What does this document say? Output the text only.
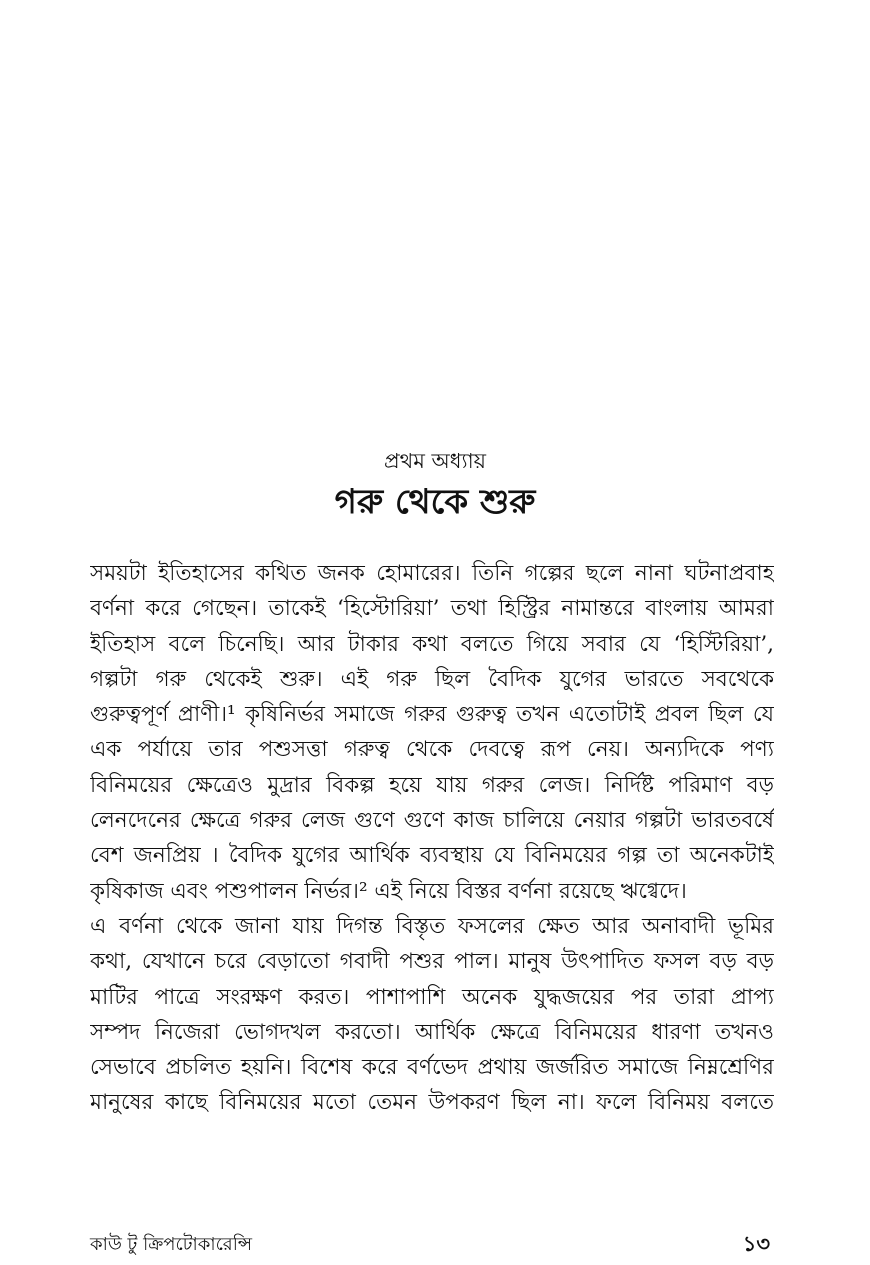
প্রথম অধ্যায়
গরু থেকে শুরু
সময়টা ইতিহাসের কথিত জনক হোমারের। তিনি গল্পের ছলে নানা ঘটনাপ্রবাহ
বর্ণনা করে গেছেন। তাকেই ‘হিস্টোরিয়া’ তথা হিস্ট্রির নামান্তরে বাংলায় আমরা
ইতিহাস বলে চিনেছি। আর টাকার কথা বলতে গিয়ে সবার যে ‘হিস্টিরিয়া’,
গল্পটা গরু থেকেই শুরু। এই গরু ছিল বৈদিক যুগের ভারতে সবথেকে
গুরুত্বপূর্ণ প্রাণী।¹ কৃষিনির্ভর সমাজে গরুর গুরুত্ব তখন এতোটাই প্রবল ছিল যে
এক পর্যায়ে তার পশুসত্তা গরুত্ব থেকে দেবত্বে রূপ নেয়। অন্যদিকে পণ্য
বিনিময়ের ক্ষেত্রেও মুদ্রার বিকল্প হয়ে যায় গরুর লেজ। নির্দিষ্ট পরিমাণ বড়
লেনদেনের ক্ষেত্রে গরুর লেজ গুণে গুণে কাজ চালিয়ে নেয়ার গল্পটা ভারতবর্ষে
বেশ জনপ্রিয় । বৈদিক যুগের আর্থিক ব্যবস্থায় যে বিনিময়ের গল্প তা অনেকটাই
কৃষিকাজ এবং পশুপালন নির্ভর।² এই নিয়ে বিস্তর বর্ণনা রয়েছে ঋগ্বেদে।
এ বর্ণনা থেকে জানা যায় দিগন্ত বিস্তৃত ফসলের ক্ষেত আর অনাবাদী ভূমির
কথা, যেখানে চরে বেড়াতো গবাদী পশুর পাল। মানুষ উৎপাদিত ফসল বড় বড়
মাটির পাত্রে সংরক্ষণ করত। পাশাপাশি অনেক যুদ্ধজয়ের পর তারা প্রাপ্য
সম্পদ নিজেরা ভোগদখল করতো। আর্থিক ক্ষেত্রে বিনিময়ের ধারণা তখনও
সেভাবে প্রচলিত হয়নি। বিশেষ করে বর্ণভেদ প্রথায় জর্জরিত সমাজে নিম্নশ্রেণির
মানুষের কাছে বিনিময়ের মতো তেমন উপকরণ ছিল না। ফলে বিনিময় বলতে
কাউ টু ক্রিপটোকারেন্সি	১৩
